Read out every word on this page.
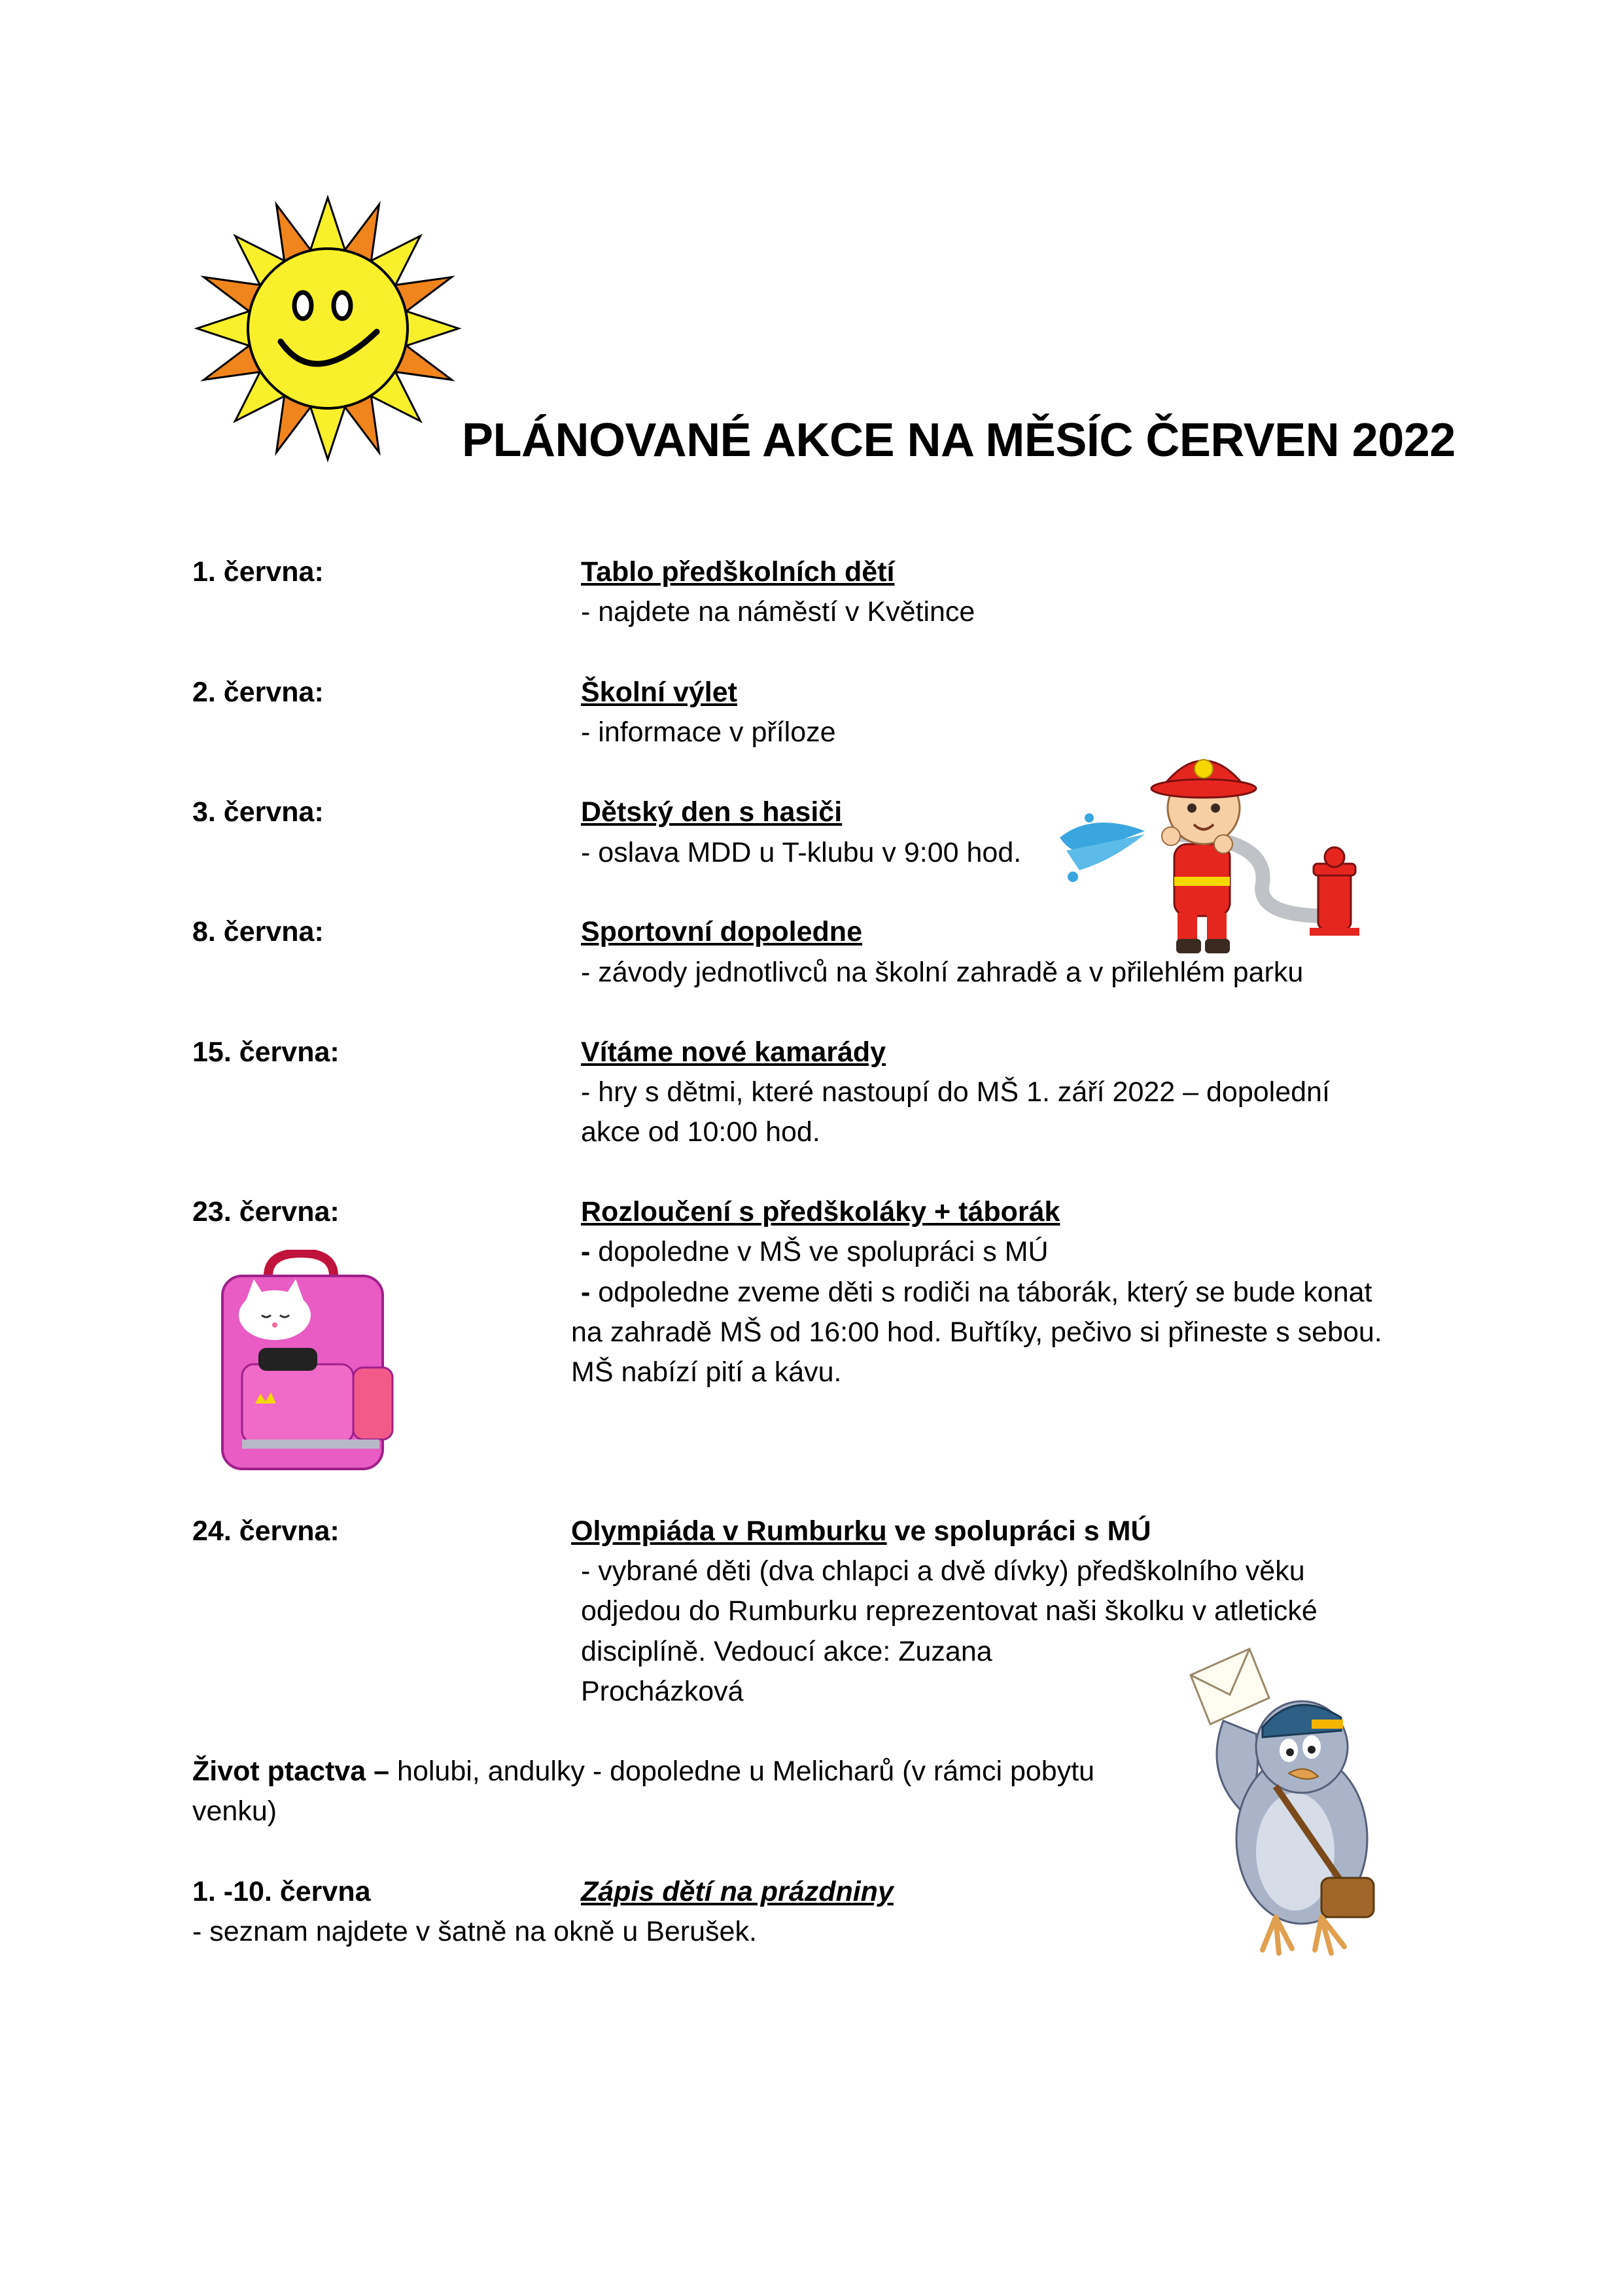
PLÁNOVANÉ AKCE NA MĚSÍC ČERVEN 2022
1. června:	Tablo předškolních dětí
- najdete na náměstí v Květince
2. června:	Školní výlet
- informace v příloze
3. června:	Dětský den s hasiči
- oslava MDD u T-klubu v 9:00 hod.
8. června:	Sportovní dopoledne
- závody jednotlivců na školní zahradě a v přilehlém parku
15. června:	Vítáme nové kamarády
- hry s dětmi, které nastoupí do MŠ 1. září 2022 – dopolední
akce od 10:00 hod.
23. června:	Rozloučení s předškoláky + táborák
- dopoledne v MŠ ve spolupráci s MÚ
- odpoledne zveme děti s rodiči na táborák, který se bude konat
na zahradě MŠ od 16:00 hod. Buřtíky, pečivo si přineste s sebou.
MŠ nabízí pití a kávu.
24. června:	Olympiáda v Rumburku ve spolupráci s MÚ
- vybrané děti (dva chlapci a dvě dívky) předškolního věku
odjedou do Rumburku reprezentovat naši školku v atletické
disciplíně. Vedoucí akce: Zuzana
Procházková
Život ptactva – holubi, andulky - dopoledne u Melicharů (v rámci pobytu
venku)
1. -10. června	Zápis dětí na prázdniny
- seznam najdete v šatně na okně u Berušek.
